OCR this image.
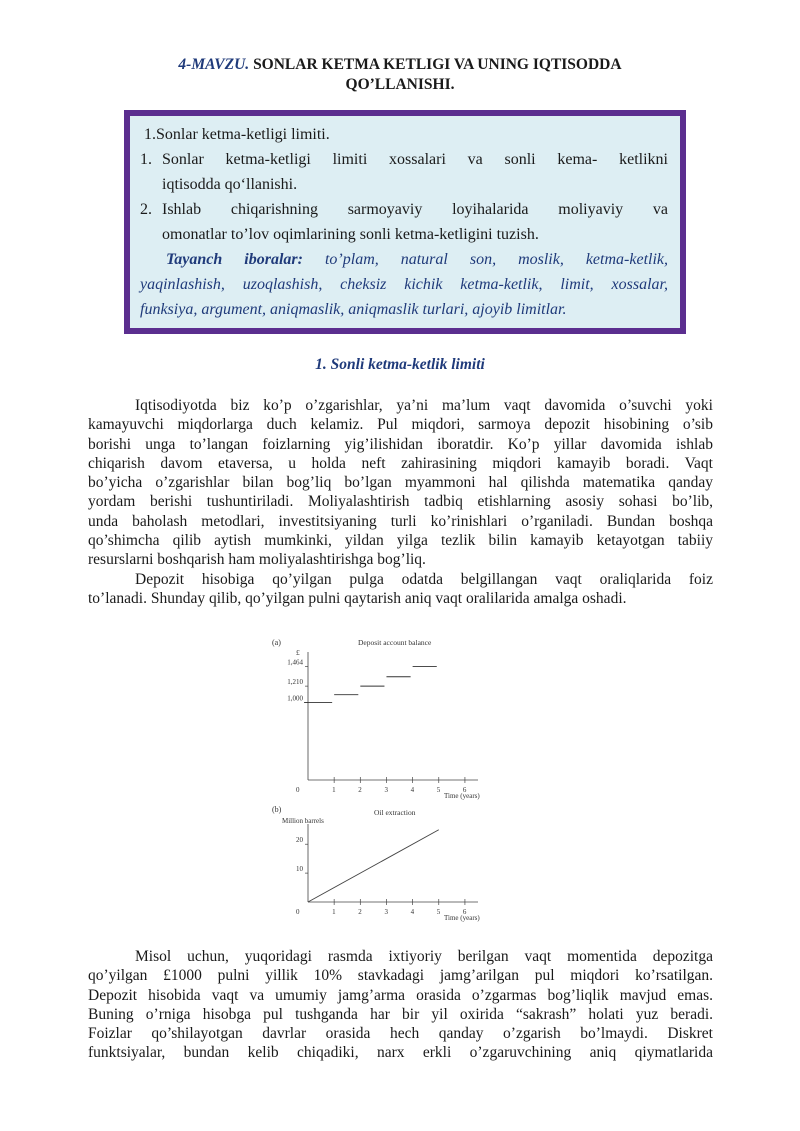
4-MAVZU. SONLAR KETMA KETLIGI VA UNING IQTISODDA
QO’LLANISHI.
1.Sonlar ketma-ketligi limiti.
1. Sonlar ketma-ketligi limiti xossalari va sonli kema- ketlikni
iqtisodda qo‘llanishi.
2. Ishlab chiqarishning sarmoyaviy loyihalarida moliyaviy va
omonatlar to’lov oqimlarining sonli ketma-ketligini tuzish.
Tayanch iboralar: to’plam, natural son, moslik, ketma-ketlik,
yaqinlashish, uzoqlashish, cheksiz kichik ketma-ketlik, limit, xossalar,
funksiya, argument, aniqmaslik, aniqmaslik turlari, ajoyib limitlar.
1. Sonli ketma-ketlik limiti
Iqtisodiyotda biz ko’p o’zgarishlar, ya’ni ma’lum vaqt davomida o’suvchi yoki
kamayuvchi miqdorlarga duch kelamiz. Pul miqdori, sarmoya depozit hisobining o’sib
borishi unga to’langan foizlarning yig’ilishidan iboratdir. Ko’p yillar davomida ishlab
chiqarish davom etaversa, u holda neft zahirasining miqdori kamayib boradi. Vaqt
bo’yicha o’zgarishlar bilan bog’liq bo’lgan myammoni hal qilishda matematika qanday
yordam berishi tushuntiriladi. Moliyalashtirish tadbiq etishlarning asosiy sohasi bo’lib,
unda baholash metodlari, investitsiyaning turli ko’rinishlari o’rganiladi. Bundan boshqa
qo’shimcha qilib aytish mumkinki, yildan yilga tezlik bilin kamayib ketayotgan tabiiy
resurslarni boshqarish ham moliyalashtirishga bog’liq.
Depozit hisobiga qo’yilgan pulga odatda belgillangan vaqt oraliqlarida foiz
to’lanadi. Shunday qilib, qo’yilgan pulni qaytarish aniq vaqt oralilarida amalga oshadi.
(a)	Deposit account balance
£
Time (years)
0	1	2	3	4	5	6
1,000
1,210
1,464
(b)	Oil extraction
Million barrels
Time (years)
0	1	2	3	4	5	6
10
20
Misol uchun, yuqoridagi rasmda ixtiyoriy berilgan vaqt momentida depozitga
qo’yilgan £1000 pulni yillik 10% stavkadagi jamg’arilgan pul miqdori ko’rsatilgan.
Depozit hisobida vaqt va umumiy jamg’arma orasida o’zgarmas bog’liqlik mavjud emas.
Buning o’rniga hisobga pul tushganda har bir yil oxirida “sakrash” holati yuz beradi.
Foizlar qo’shilayotgan davrlar orasida hech qanday o’zgarish bo’lmaydi. Diskret
funktsiyalar, bundan kelib chiqadiki, narx erkli o’zgaruvchining aniq qiymatlarida
